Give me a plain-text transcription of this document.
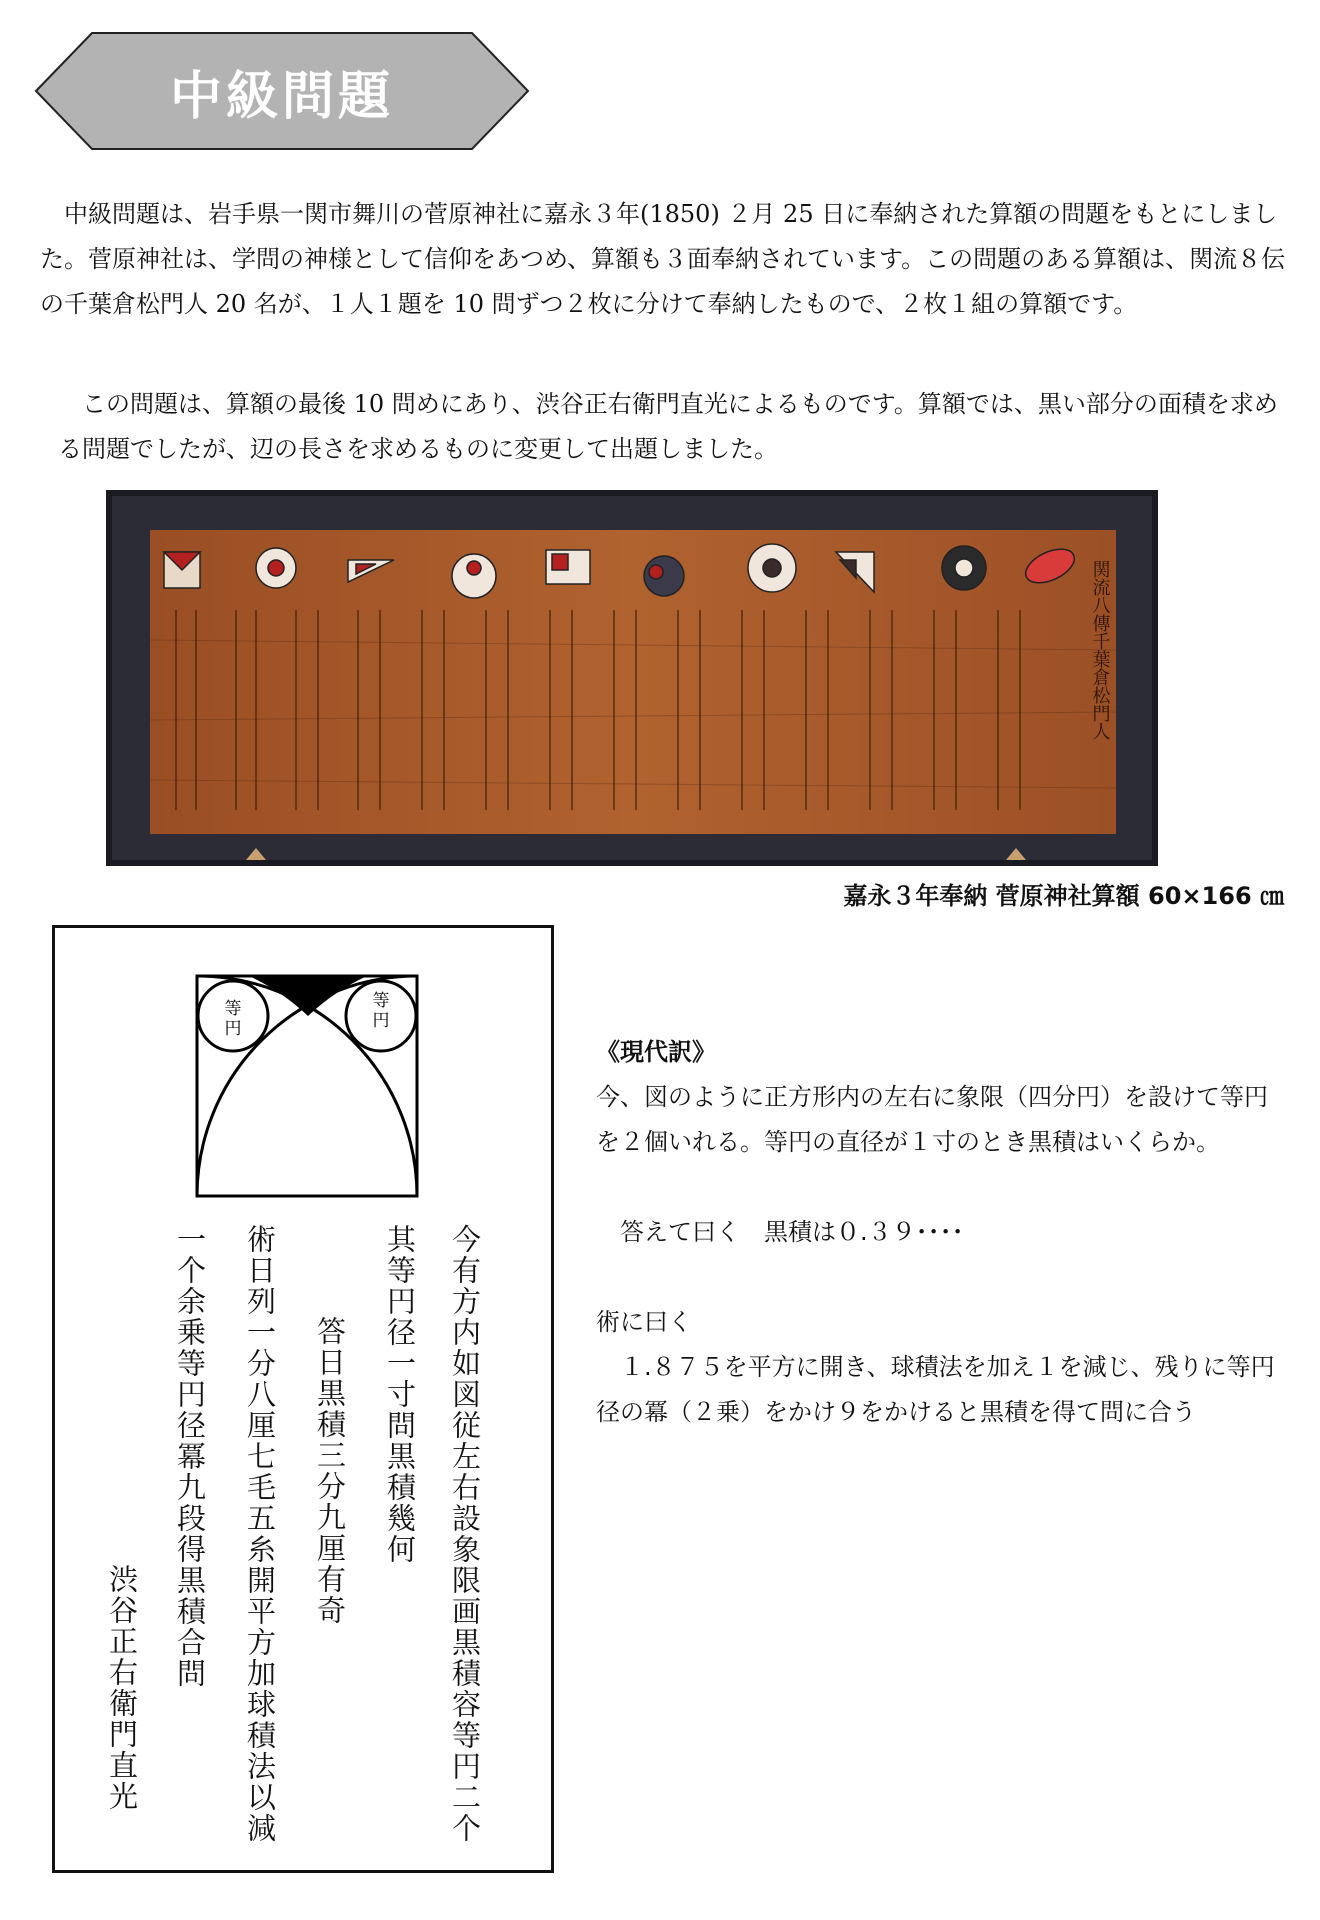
中級問題

　中級問題は、岩手県一関市舞川の菅原神社に嘉永３年(1850) ２月 25 日に奉納された算額の問題をもとにしました。菅原神社は、学問の神様として信仰をあつめ、算額も３面奉納されています。この問題のある算額は、関流８伝の千葉倉松門人 20 名が、１人１題を 10 問ずつ２枚に分けて奉納したもので、２枚１組の算額です。

　この問題は、算額の最後 10 問めにあり、渋谷正右衛門直光によるものです。算額では、黒い部分の面積を求める問題でしたが、辺の長さを求めるものに変更して出題しました。

関流八傳千葉倉松門人
嘉永３年奉納 菅原神社算額 60×166 ㎝
等円
等円
今有方内如図従左右設象限画黒積容等円二个
其等円径一寸問黒積幾何
答日黒積三分九厘有奇
術日列一分八厘七毛五糸開平方加球積法以減
一个余乗等円径冪九段得黒積合問
渋谷正右衛門直光

《現代訳》

今、図のように正方形内の左右に象限（四分円）を設けて等円を２個いれる。等円の直径が１寸のとき黒積はいくらか。

　答えて曰く　黒積は０.３９････

術に曰く

　１.８７５を平方に開き、球積法を加え１を減じ、残りに等円径の冪（２乗）をかけ９をかけると黒積を得て問に合う
